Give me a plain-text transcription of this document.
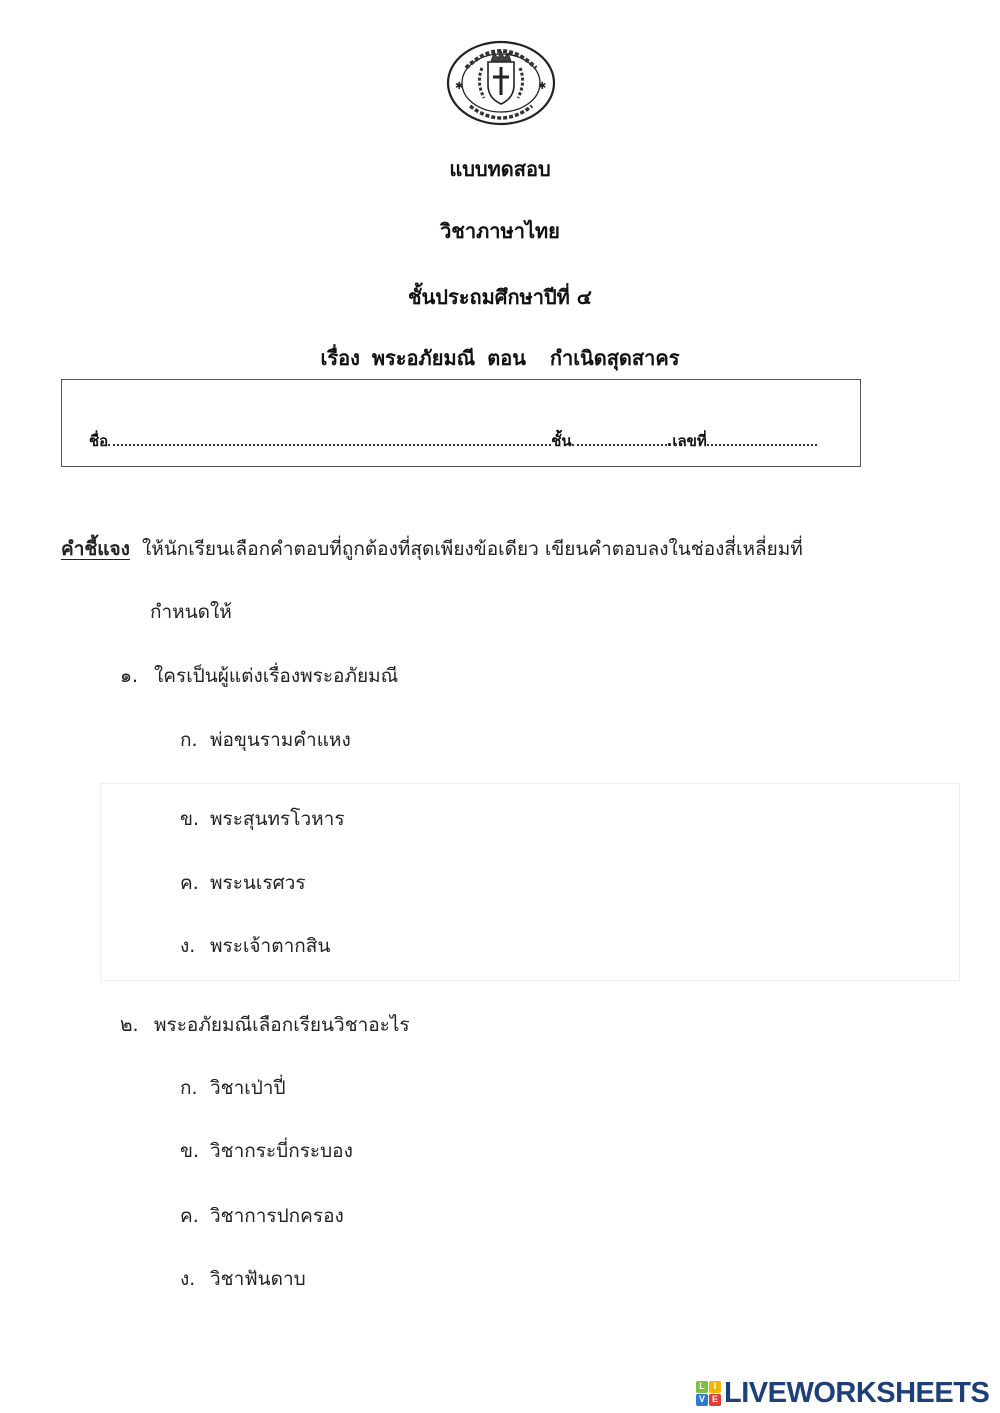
✱	✱
แบบทดสอบ
วิชาภาษาไทย
ชั้นประถมศึกษาปีที่ ๔
เรื่อง พระอภัยมณี ตอน กำเนิดสุดสาคร
ชื่อ	ชั้น	.เลขที่
คำชี้แจง ให้นักเรียนเลือกคำตอบที่ถูกต้องที่สุดเพียงข้อเดียว เขียนคำตอบลงในช่องสี่เหลี่ยมที่
กำหนดให้
๑. ใครเป็นผู้แต่งเรื่องพระอภัยมณี
ก. พ่อขุนรามคำแหง
ข. พระสุนทรโวหาร
ค. พระนเรศวร
ง. พระเจ้าตากสิน
๒. พระอภัยมณีเลือกเรียนวิชาอะไร
ก. วิชาเป่าปี่
ข. วิชากระบี่กระบอง
ค. วิชาการปกครอง
ง. วิชาฟันดาบ
L I
V E LIVEWORKSHEETS
